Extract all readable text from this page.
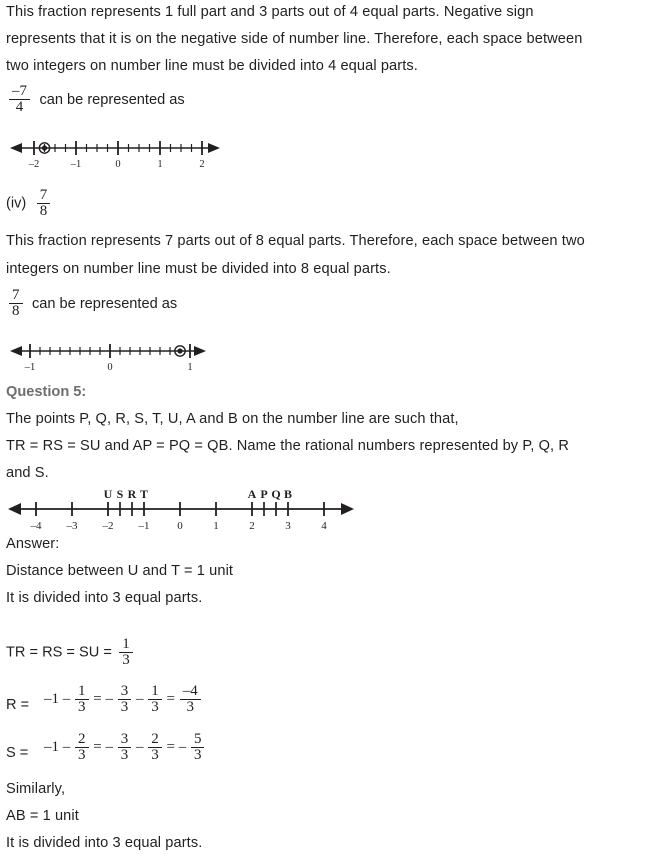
This fraction represents 1 full part and 3 parts out of 4 equal parts. Negative sign
represents that it is on the negative side of number line. Therefore, each space between
two integers on number line must be divided into 4 equal parts.
$\frac{-7}{4}$ can be represented as
–2	–1	0	1	2
$(iv) \frac{7}{8}$
This fraction represents 7 parts out of 8 equal parts. Therefore, each space between two
integers on number line must be divided into 8 equal parts.
$\frac{7}{8}$ can be represented as
–1	0	1
Question 5:
The points P, Q, R, S, T, U, A and B on the number line are such that,
TR = RS = SU and AP = PQ = QB. Name the rational numbers represented by P, Q, R
and S.
U S R T	A P Q B
–4 –3 –2 –1	0	1	2	3	4
Answer:
Distance between U and T = 1 unit
It is divided into 3 equal parts.
TR = RS = SU = $\frac{1}{3}$
$R = -1 - \frac{1}{3}$ = – $\frac{3}{3} - \frac{1}{3} = \frac{-4}{3}$
$S = -1 - \frac{2}{3}$ = – $\frac{3}{3} - \frac{2}{3}$ = – $\frac{5}{3}$
Similarly,
AB = 1 unit
It is divided into 3 equal parts.
